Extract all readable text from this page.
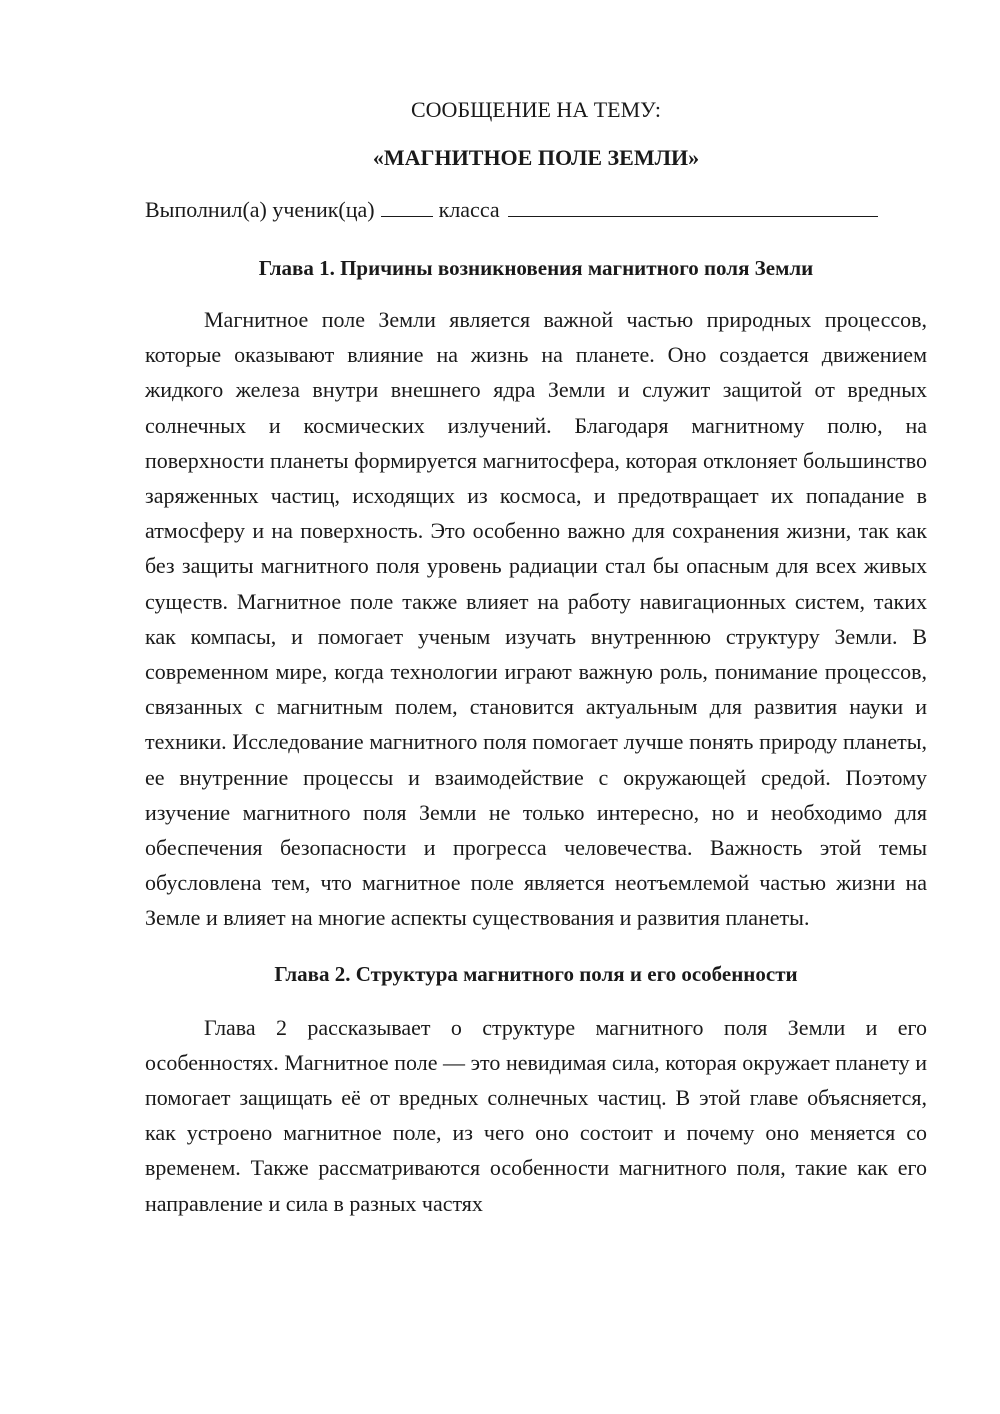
СООБЩЕНИЕ НА ТЕМУ:

«МАГНИТНОЕ ПОЛЕ ЗЕМЛИ»

Выполнил(а) ученик(ца)	класса
Глава 1. Причины возникновения магнитного поля Земли

Магнитное поле Земли является важной частью природных процессов, которые оказывают влияние на жизнь на планете. Оно создается движением жидкого железа внутри внешнего ядра Земли и служит защитой от вредных солнечных и космических излучений. Благодаря магнитному полю, на поверхности планеты формируется магнитосфера, которая отклоняет большинство заряженных частиц, исходящих из космоса, и предотвращает их попадание в атмосферу и на поверхность. Это особенно важно для сохранения жизни, так как без защиты магнитного поля уровень радиации стал бы опасным для всех живых существ. Магнитное поле также влияет на работу навигационных систем, таких как компасы, и помогает ученым изучать внутреннюю структуру Земли. В современном мире, когда технологии играют важную роль, понимание процессов, связанных с магнитным полем, становится актуальным для развития науки и техники. Исследование магнитного поля помогает лучше понять природу планеты, ее внутренние процессы и взаимодействие с окружающей средой. Поэтому изучение магнитного поля Земли не только интересно, но и необходимо для обеспечения безопасности и прогресса человечества. Важность этой темы обусловлена тем, что магнитное поле является неотъемлемой частью жизни на Земле и влияет на многие аспекты существования и развития планеты.

Глава 2. Структура магнитного поля и его особенности

Глава 2 рассказывает о структуре магнитного поля Земли и его особенностях. Магнитное поле — это невидимая сила, которая окружает планету и помогает защищать её от вредных солнечных частиц. В этой главе объясняется, как устроено магнитное поле, из чего оно состоит и почему оно меняется со временем. Также рассматриваются особенности магнитного поля, такие как его направление и сила в разных частях
